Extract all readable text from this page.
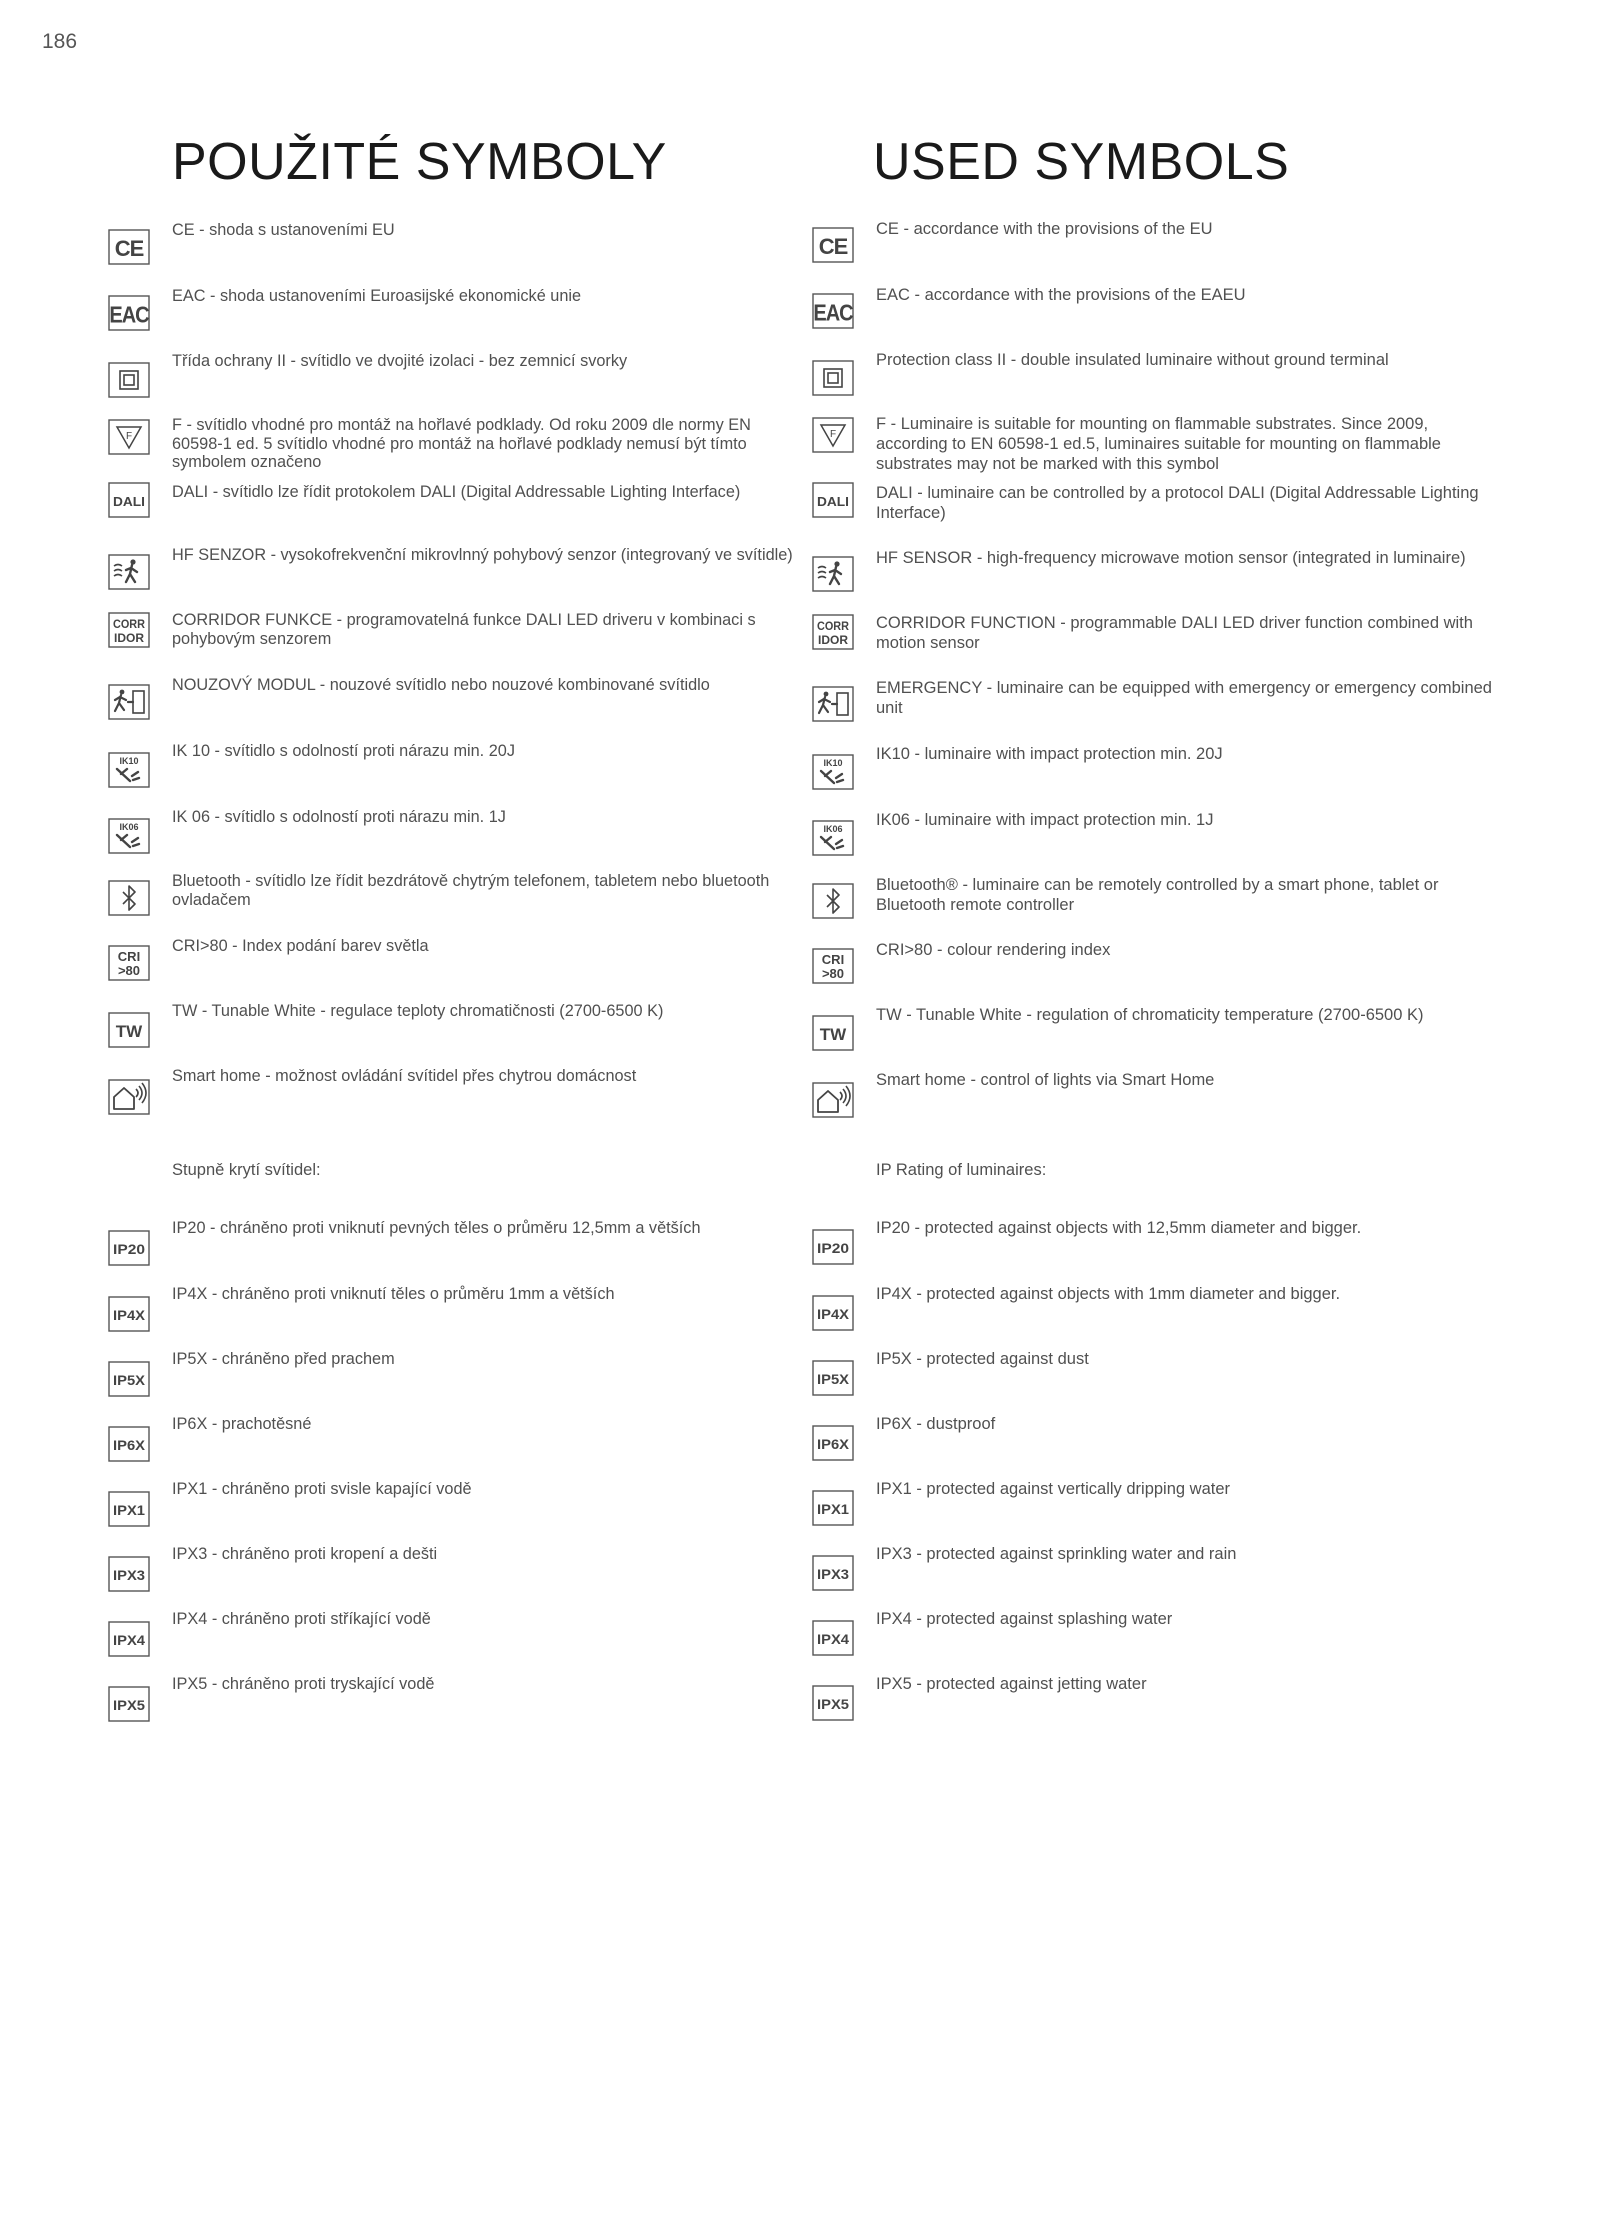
186
POUŽITÉ SYMBOLY
Stupně krytí svítidel:
CE
CE - shoda s ustanoveními EU
EAC
EAC - shoda ustanoveními Euroasijské ekonomické unie
Třída ochrany II - svítidlo ve dvojité izolaci - bez zemnicí svorky
F
F - svítidlo vhodné pro montáž na hořlavé podklady. Od roku 2009 dle normy EN 60598-1 ed. 5 svítidlo vhodné pro montáž na hořlavé podklady nemusí být tímto symbolem označeno
DALI
DALI - svítidlo lze řídit protokolem DALI (Digital Addressable Lighting Interface)
HF SENZOR - vysokofrekvenční mikrovlnný pohybový senzor (integrovaný ve svítidle)
CORR
IDOR
CORRIDOR FUNKCE - programovatelná funkce DALI LED driveru v kombinaci s pohybovým senzorem
NOUZOVÝ MODUL - nouzové svítidlo nebo nouzové kombinované svítidlo
IK10
IK 10 - svítidlo s odolností proti nárazu min. 20J
IK06
IK 06 - svítidlo s odolností proti nárazu min. 1J
Bluetooth - svítidlo lze řídit bezdrátově chytrým telefonem, tabletem nebo bluetooth ovladačem
CRI
>80
CRI>80 - Index podání barev světla
TW
TW - Tunable White - regulace teploty chromatičnosti (2700-6500 K)
Smart home - možnost ovládání svítidel přes chytrou domácnost
IP20
IP20 - chráněno proti vniknutí pevných těles o průměru 12,5mm a větších
IP4X
IP4X - chráněno proti vniknutí těles o průměru 1mm a větších
IP5X
IP5X - chráněno před prachem
IP6X
IP6X - prachotěsné
IPX1
IPX1 - chráněno proti svisle kapající vodě
IPX3
IPX3 - chráněno proti kropení a dešti
IPX4
IPX4 - chráněno proti stříkající vodě
IPX5
IPX5 - chráněno proti tryskající vodě
USED SYMBOLS
IP Rating of luminaires:
CE
CE - accordance with the provisions of the EU
EAC
EAC - accordance with the provisions of the EAEU
Protection class II - double insulated luminaire without ground terminal
F
F - Luminaire is suitable for mounting on flammable substrates. Since 2009, according to EN 60598-1 ed.5, luminaires suitable for mounting on flammable substrates may not be marked with this symbol
DALI DALI - luminaire can be controlled by a protocol DALI (Digital Addressable Lighting Interface)
HF SENSOR - high-frequency microwave motion sensor (integrated in luminaire)
CORR
IDOR
CORRIDOR FUNCTION - programmable DALI LED driver function combined with motion sensor
EMERGENCY - luminaire can be equipped with emergency or emergency combined unit
IK10 IK10 - luminaire with impact protection min. 20J
IK06 IK06 - luminaire with impact protection min. 1J
Bluetooth® - luminaire can be remotely controlled by a smart phone, tablet or Bluetooth remote controller
CRI
>80
CRI>80 - colour rendering index
TW
TW - Tunable White - regulation of chromaticity temperature (2700-6500 K)
Smart home - control of lights via Smart Home
IP20
IP20 - protected against objects with 12,5mm diameter and bigger.
IP4X
IP4X - protected against objects with 1mm diameter and bigger.
IP5X
IP5X - protected against dust
IP6X
IP6X - dustproof
IPX1
IPX1 - protected against vertically dripping water
IPX3
IPX3 - protected against sprinkling water and rain
IPX4
IPX4 - protected against splashing water
IPX5
IPX5 - protected against jetting water
